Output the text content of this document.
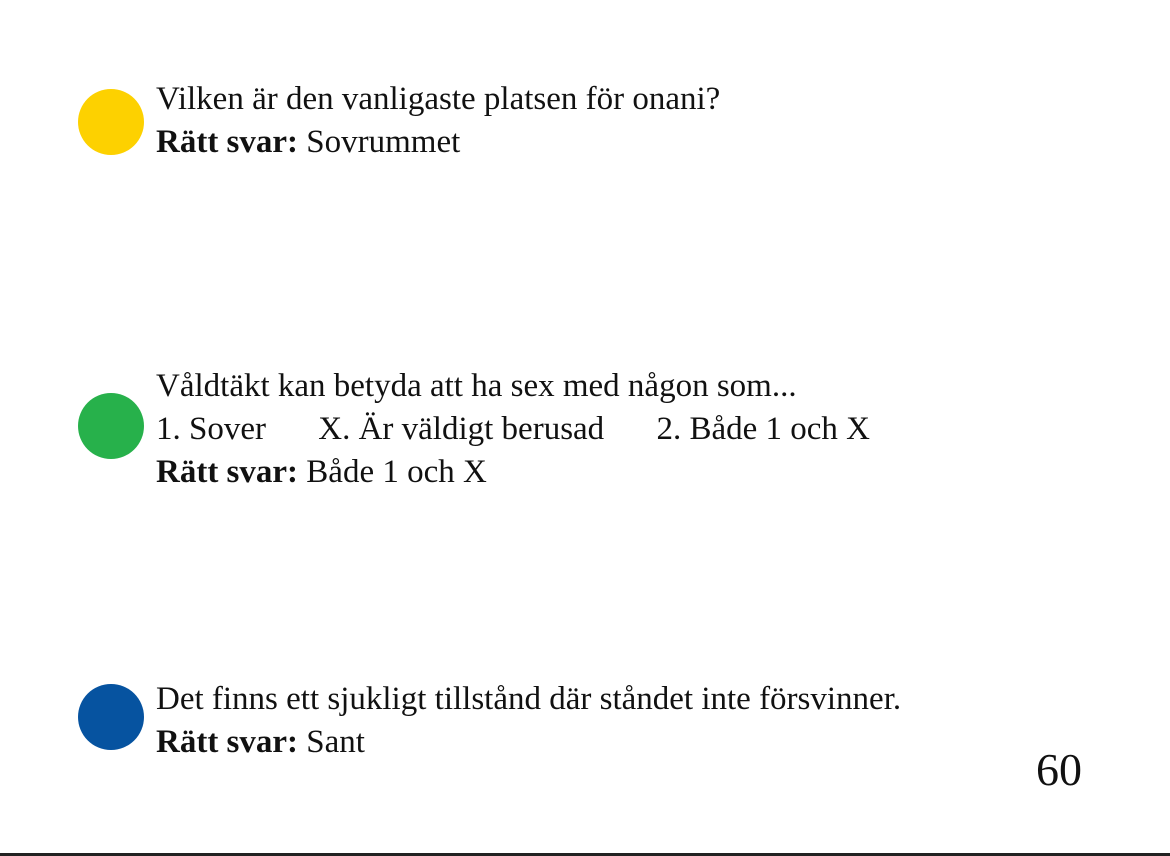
Vilken är den vanligaste platsen för onani?
Rätt svar: Sovrummet
Våldtäkt kan betyda att ha sex med någon som...
1. Sover X. Är väldigt berusad 2. Både 1 och X
Rätt svar: Både 1 och X
Det finns ett sjukligt tillstånd där ståndet inte försvinner.
Rätt svar: Sant
60
